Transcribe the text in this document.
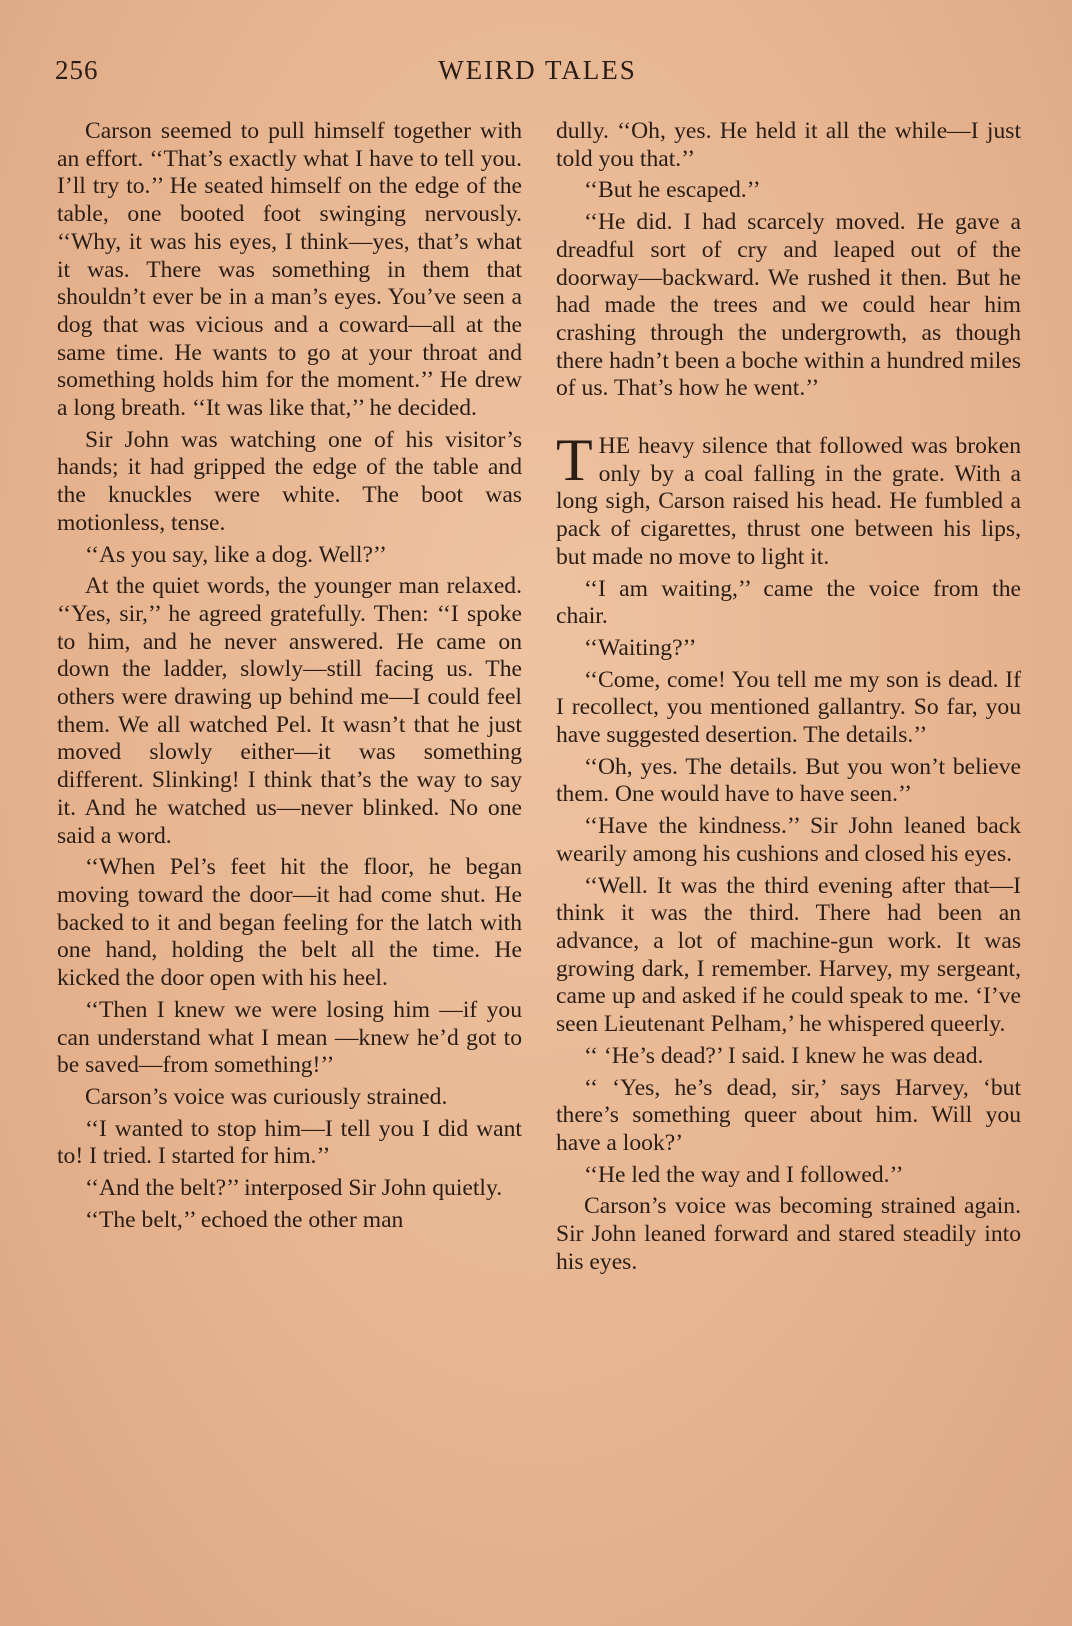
256	WEIRD TALES

Carson seemed to pull himself together with an effort. ‘‘That’s exactly what I have to tell you. I’ll try to.’’ He seated himself on the edge of the table, one booted foot swinging nervously. ‘‘Why, it was his eyes, I think—yes, that’s what it was. There was something in them that shouldn’t ever be in a man’s eyes. You’ve seen a dog that was vicious and a coward—all at the same time. He wants to go at your throat and something holds him for the moment.’’ He drew a long breath. ‘‘It was like that,’’ he decided.

Sir John was watching one of his visitor’s hands; it had gripped the edge of the table and the knuckles were white. The boot was motionless, tense.

‘‘As you say, like a dog. Well?’’

At the quiet words, the younger man relaxed. ‘‘Yes, sir,’’ he agreed gratefully. Then: ‘‘I spoke to him, and he never answered. He came on down the ladder, slowly—still facing us. The others were drawing up behind me—I could feel them. We all watched Pel. It wasn’t that he just moved slowly either—it was something different. Slinking! I think that’s the way to say it. And he watched us—never blinked. No one said a word.

‘‘When Pel’s feet hit the floor, he began moving toward the door—it had come shut. He backed to it and began feeling for the latch with one hand, holding the belt all the time. He kicked the door open with his heel.

‘‘Then I knew we were losing him —if you can understand what I mean —knew he’d got to be saved—from something!’’

Carson’s voice was curiously strained.

‘‘I wanted to stop him—I tell you I did want to! I tried. I started for him.’’

‘‘And the belt?’’ interposed Sir John quietly.

‘‘The belt,’’ echoed the other man

dully. ‘‘Oh, yes. He held it all the while—I just told you that.’’

‘‘But he escaped.’’

‘‘He did. I had scarcely moved. He gave a dreadful sort of cry and leaped out of the doorway—backward. We rushed it then. But he had made the trees and we could hear him crashing through the undergrowth, as though there hadn’t been a boche within a hundred miles of us. That’s how he went.’’

THE heavy silence that followed was broken only by a coal falling in the grate. With a long sigh, Carson raised his head. He fumbled a pack of cigarettes, thrust one between his lips, but made no move to light it.

‘‘I am waiting,’’ came the voice from the chair.

‘‘Waiting?’’

‘‘Come, come! You tell me my son is dead. If I recollect, you mentioned gallantry. So far, you have suggested desertion. The details.’’

‘‘Oh, yes. The details. But you won’t believe them. One would have to have seen.’’

‘‘Have the kindness.’’ Sir John leaned back wearily among his cushions and closed his eyes.

‘‘Well. It was the third evening after that—I think it was the third. There had been an advance, a lot of machine-gun work. It was growing dark, I remember. Harvey, my sergeant, came up and asked if he could speak to me. ‘I’ve seen Lieutenant Pelham,’ he whispered queerly.

‘‘ ‘He’s dead?’ I said. I knew he was dead.

‘‘ ‘Yes, he’s dead, sir,’ says Harvey, ‘but there’s something queer about him. Will you have a look?’

‘‘He led the way and I followed.’’

Carson’s voice was becoming strained again. Sir John leaned forward and stared steadily into his eyes.
